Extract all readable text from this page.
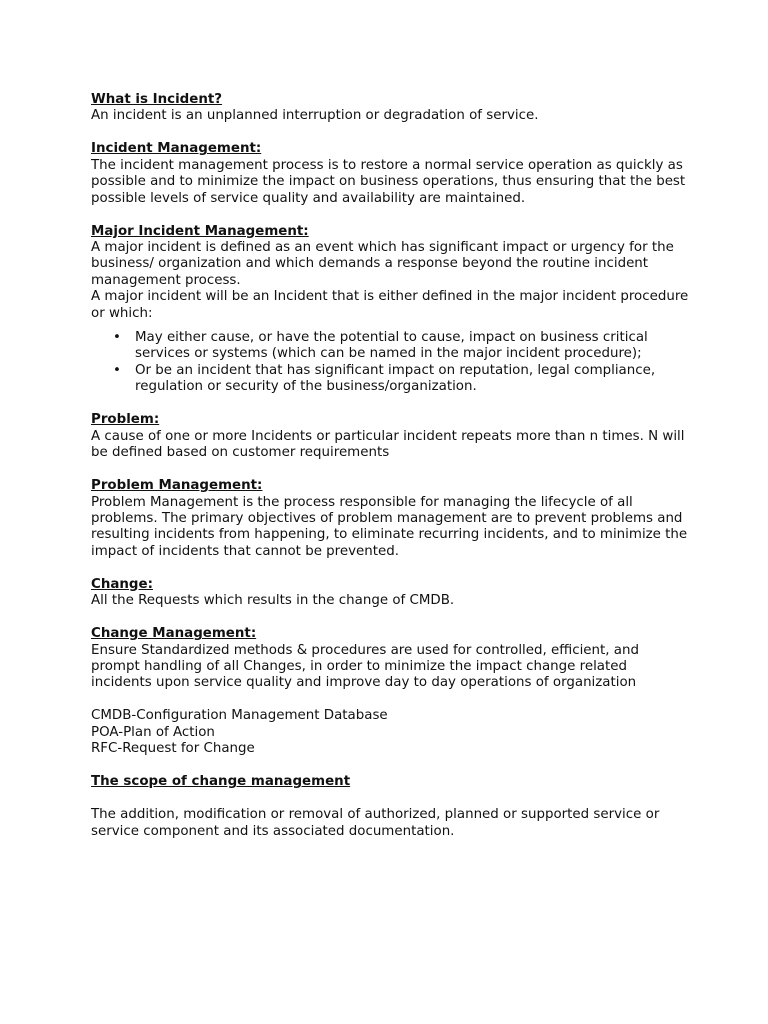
What is Incident?
An incident is an unplanned interruption or degradation of service.
Incident Management:
The incident management process is to restore a normal service operation as quickly as possible and to minimize the impact on business operations, thus ensuring that the best possible levels of service quality and availability are maintained.
Major Incident Management:
A major incident is defined as an event which has significant impact or urgency for the business/ organization and which demands a response beyond the routine incident management process.
A major incident will be an Incident that is either defined in the major incident procedure or which:
• May either cause, or have the potential to cause, impact on business critical services or systems (which can be named in the major incident procedure);
• Or be an incident that has significant impact on reputation, legal compliance, regulation or security of the business/organization.
Problem:
A cause of one or more Incidents or particular incident repeats more than n times. N will be defined based on customer requirements
Problem Management:
Problem Management is the process responsible for managing the lifecycle of all problems. The primary objectives of problem management are to prevent problems and resulting incidents from happening, to eliminate recurring incidents, and to minimize the impact of incidents that cannot be prevented.
Change:
All the Requests which results in the change of CMDB.
Change Management:
Ensure Standardized methods & procedures are used for controlled, efficient, and prompt handling of all Changes, in order to minimize the impact change related incidents upon service quality and improve day to day operations of organization
CMDB-Configuration Management Database
POA-Plan of Action
RFC-Request for Change
The scope of change management
The addition, modification or removal of authorized, planned or supported service or service component and its associated documentation.
